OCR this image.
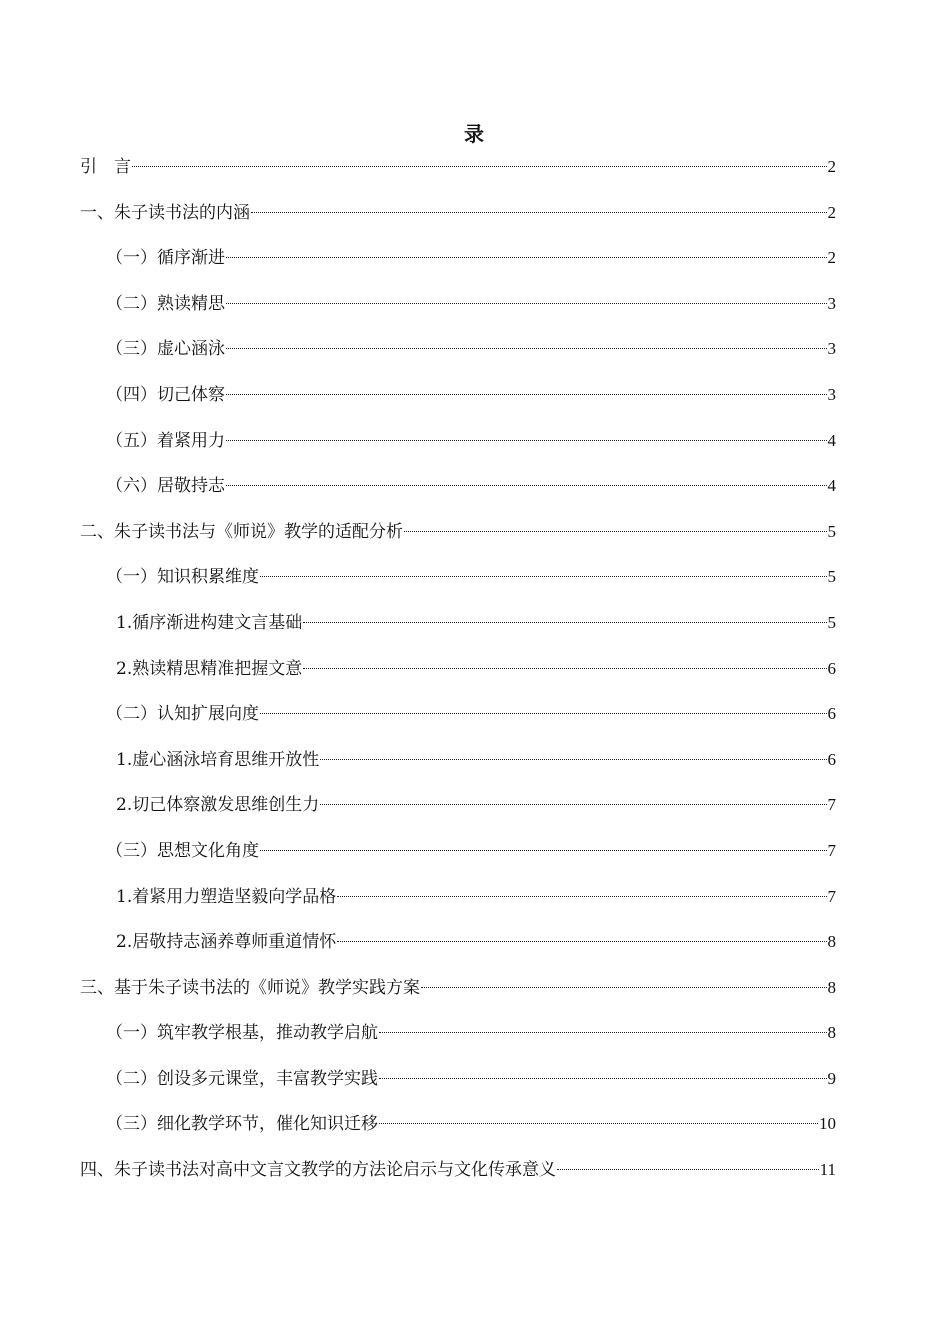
录
引　言	2
一、朱子读书法的内涵	2
（一）循序渐进	2
（二）熟读精思	3
（三）虚心涵泳	3
（四）切己体察	3
（五）着紧用力	4
（六）居敬持志	4
二、朱子读书法与《师说》教学的适配分析	5
（一）知识积累维度	5
1.循序渐进构建文言基础	5
2.熟读精思精准把握文意	6
（二）认知扩展向度	6
1.虚心涵泳培育思维开放性	6
2.切己体察激发思维创生力	7
（三）思想文化角度	7
1.着紧用力塑造坚毅向学品格	7
2.居敬持志涵养尊师重道情怀	8
三、基于朱子读书法的《师说》教学实践方案	8
（一）筑牢教学根基，推动教学启航	8
（二）创设多元课堂，丰富教学实践	9
（三）细化教学环节，催化知识迁移	10
四、朱子读书法对高中文言文教学的方法论启示与文化传承意义	11
